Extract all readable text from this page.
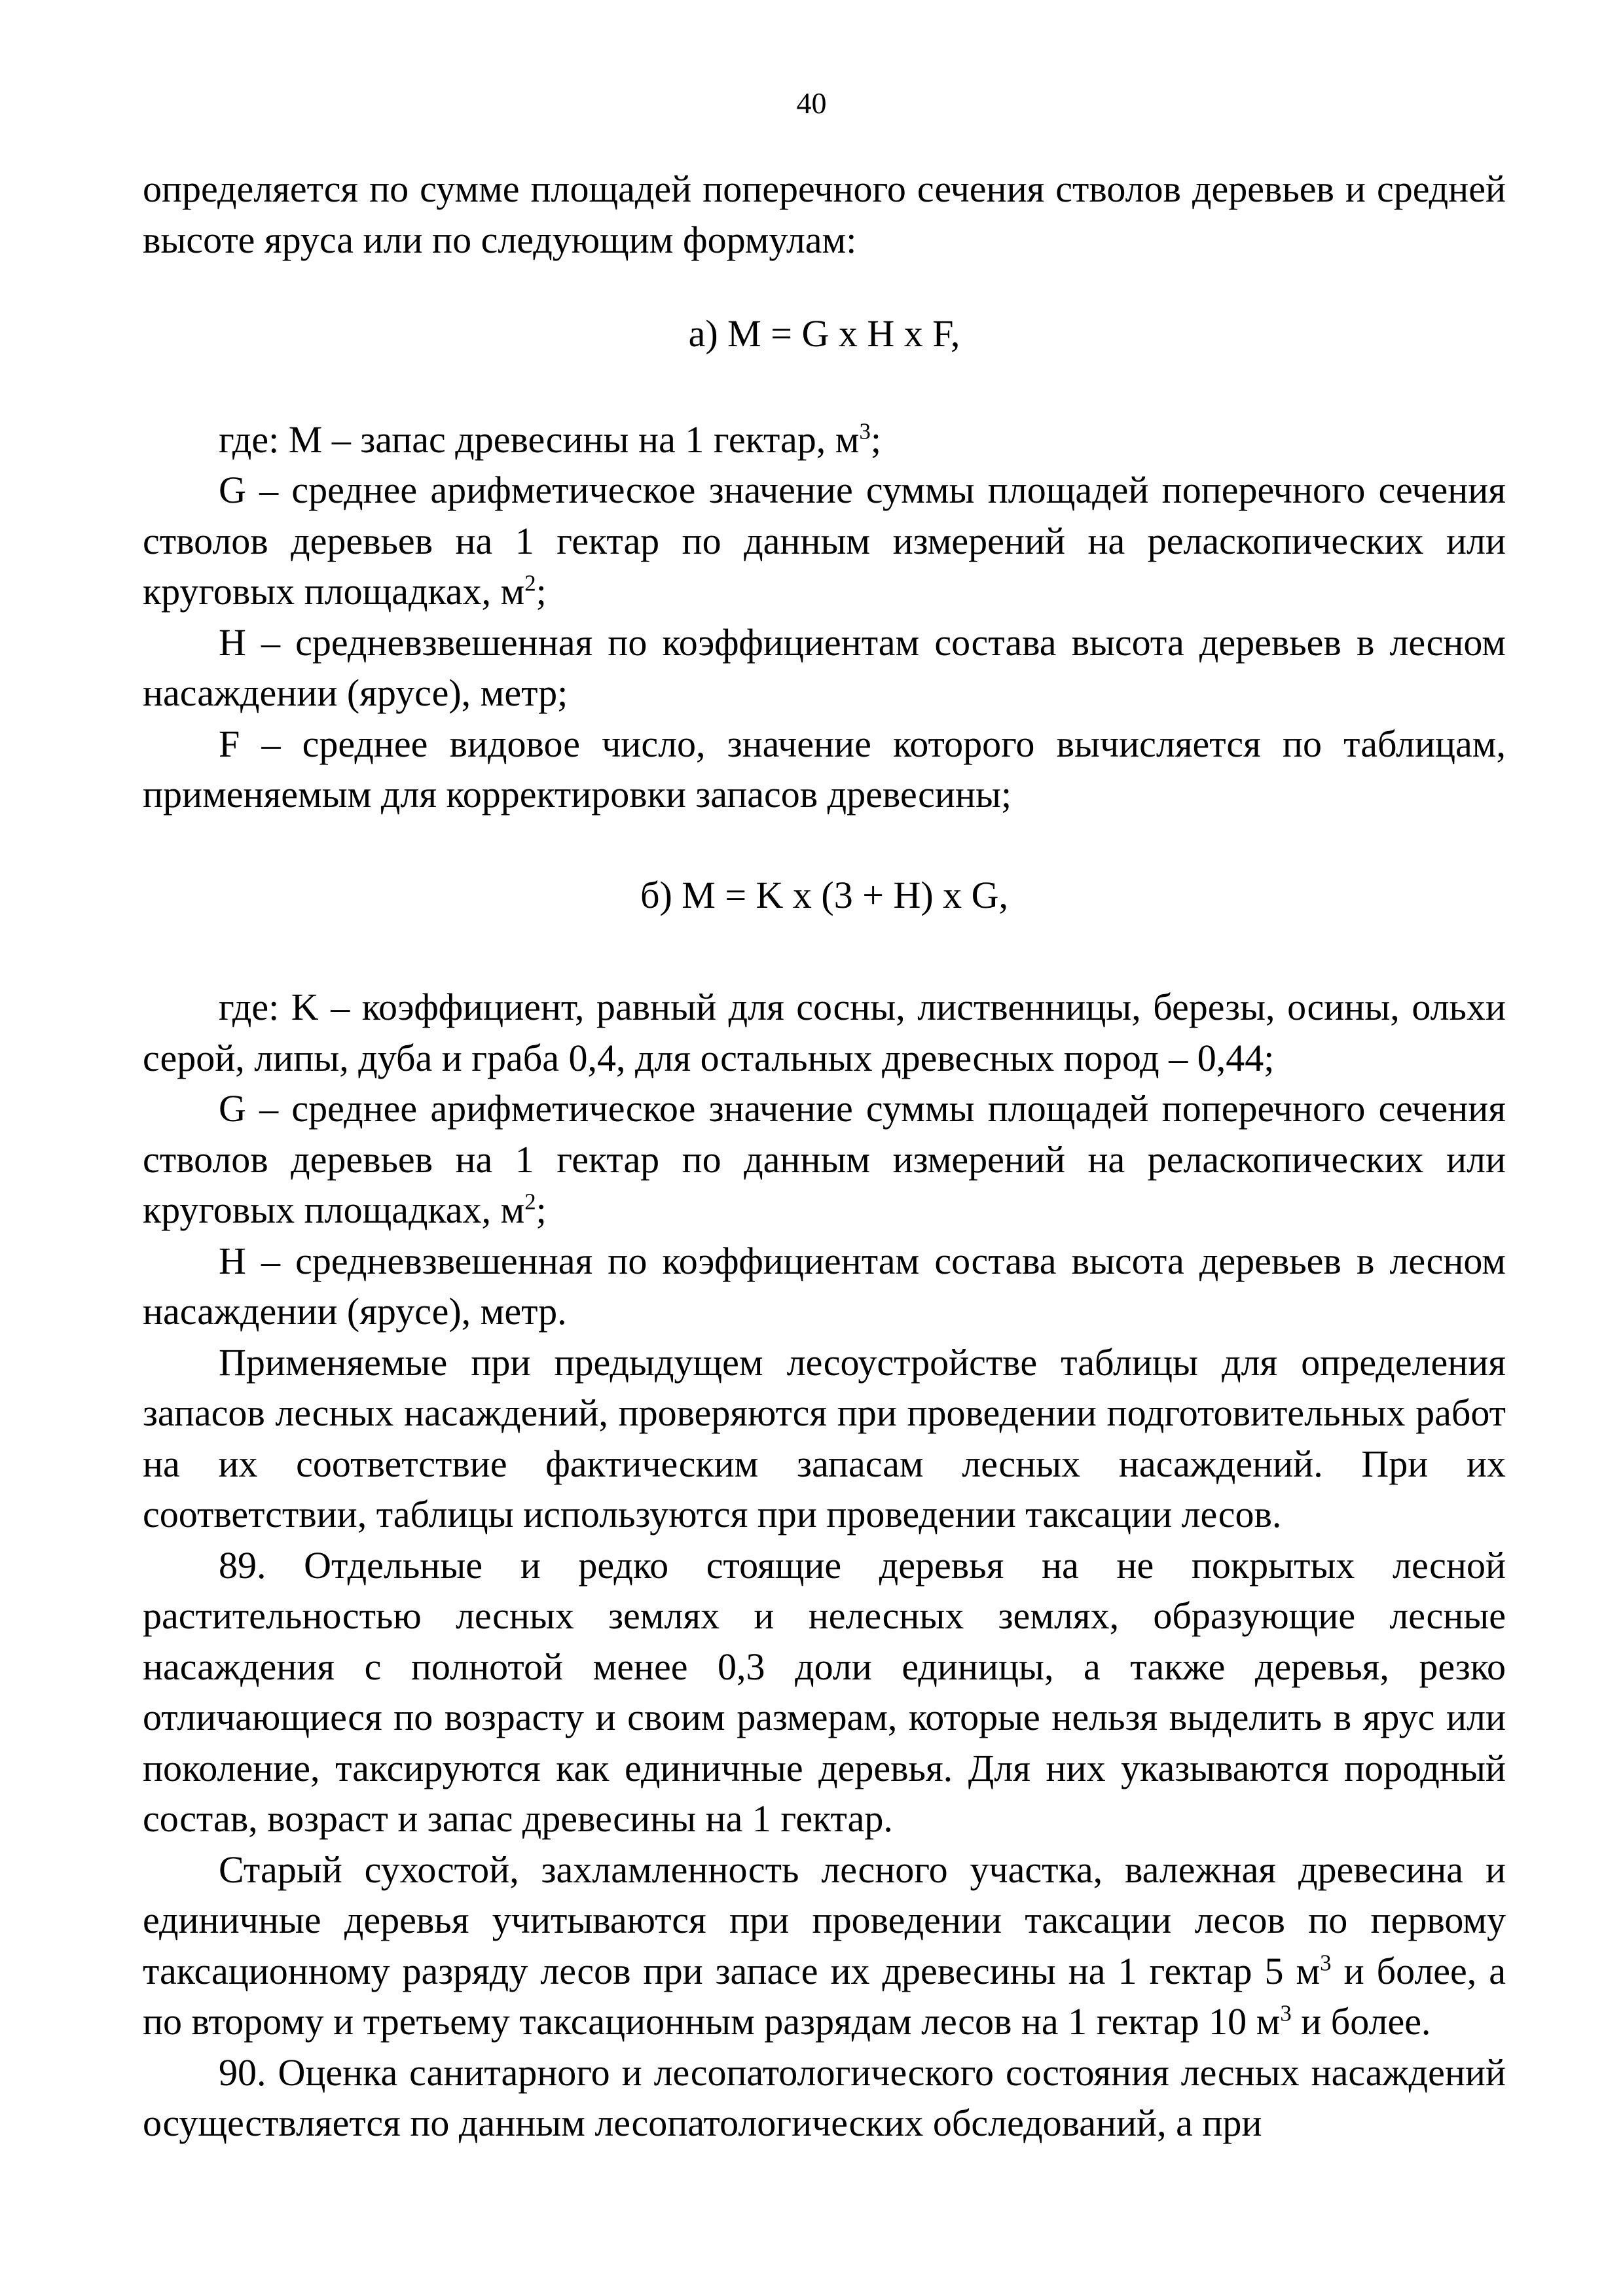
40

определяется по сумме площадей поперечного сечения стволов деревьев и средней высоте яруса или по следующим формулам:

а) M = G x H x F,

где: M – запас древесины на 1 гектар, $м^3$;

G – среднее арифметическое значение суммы площадей поперечного сечения стволов деревьев на 1 гектар по данным измерений на реласкопических или круговых площадках, $м^2$;

H – средневзвешенная по коэффициентам состава высота деревьев в лесном насаждении (ярусе), метр;

F – среднее видовое число, значение которого вычисляется по таблицам, применяемым для корректировки запасов древесины;

б) M = K x (3 + H) x G,

где: K – коэффициент, равный для сосны, лиственницы, березы, осины, ольхи серой, липы, дуба и граба 0,4, для остальных древесных пород – 0,44;

G – среднее арифметическое значение суммы площадей поперечного сечения стволов деревьев на 1 гектар по данным измерений на реласкопических или круговых площадках, $м^2$;

H – средневзвешенная по коэффициентам состава высота деревьев в лесном насаждении (ярусе), метр.

Применяемые при предыдущем лесоустройстве таблицы для определения запасов лесных насаждений, проверяются при проведении подготовительных работ на их соответствие фактическим запасам лесных насаждений. При их соответствии, таблицы используются при проведении таксации лесов.

89. Отдельные и редко стоящие деревья на не покрытых лесной растительностью лесных землях и нелесных землях, образующие лесные насаждения с полнотой менее 0,3 доли единицы, а также деревья, резко отличающиеся по возрасту и своим размерам, которые нельзя выделить в ярус или поколение, таксируются как единичные деревья. Для них указываются породный состав, возраст и запас древесины на 1 гектар.

Старый сухостой, захламленность лесного участка, валежная древесина и единичные деревья учитываются при проведении таксации лесов по первому таксационному разряду лесов при запасе их древесины на 1 гектар 5 $м^3$ и более, а по второму и третьему таксационным разрядам лесов на 1 гектар 10 $м^3$ и более.

90. Оценка санитарного и лесопатологического состояния лесных насаждений осуществляется по данным лесопатологических обследований, а при
